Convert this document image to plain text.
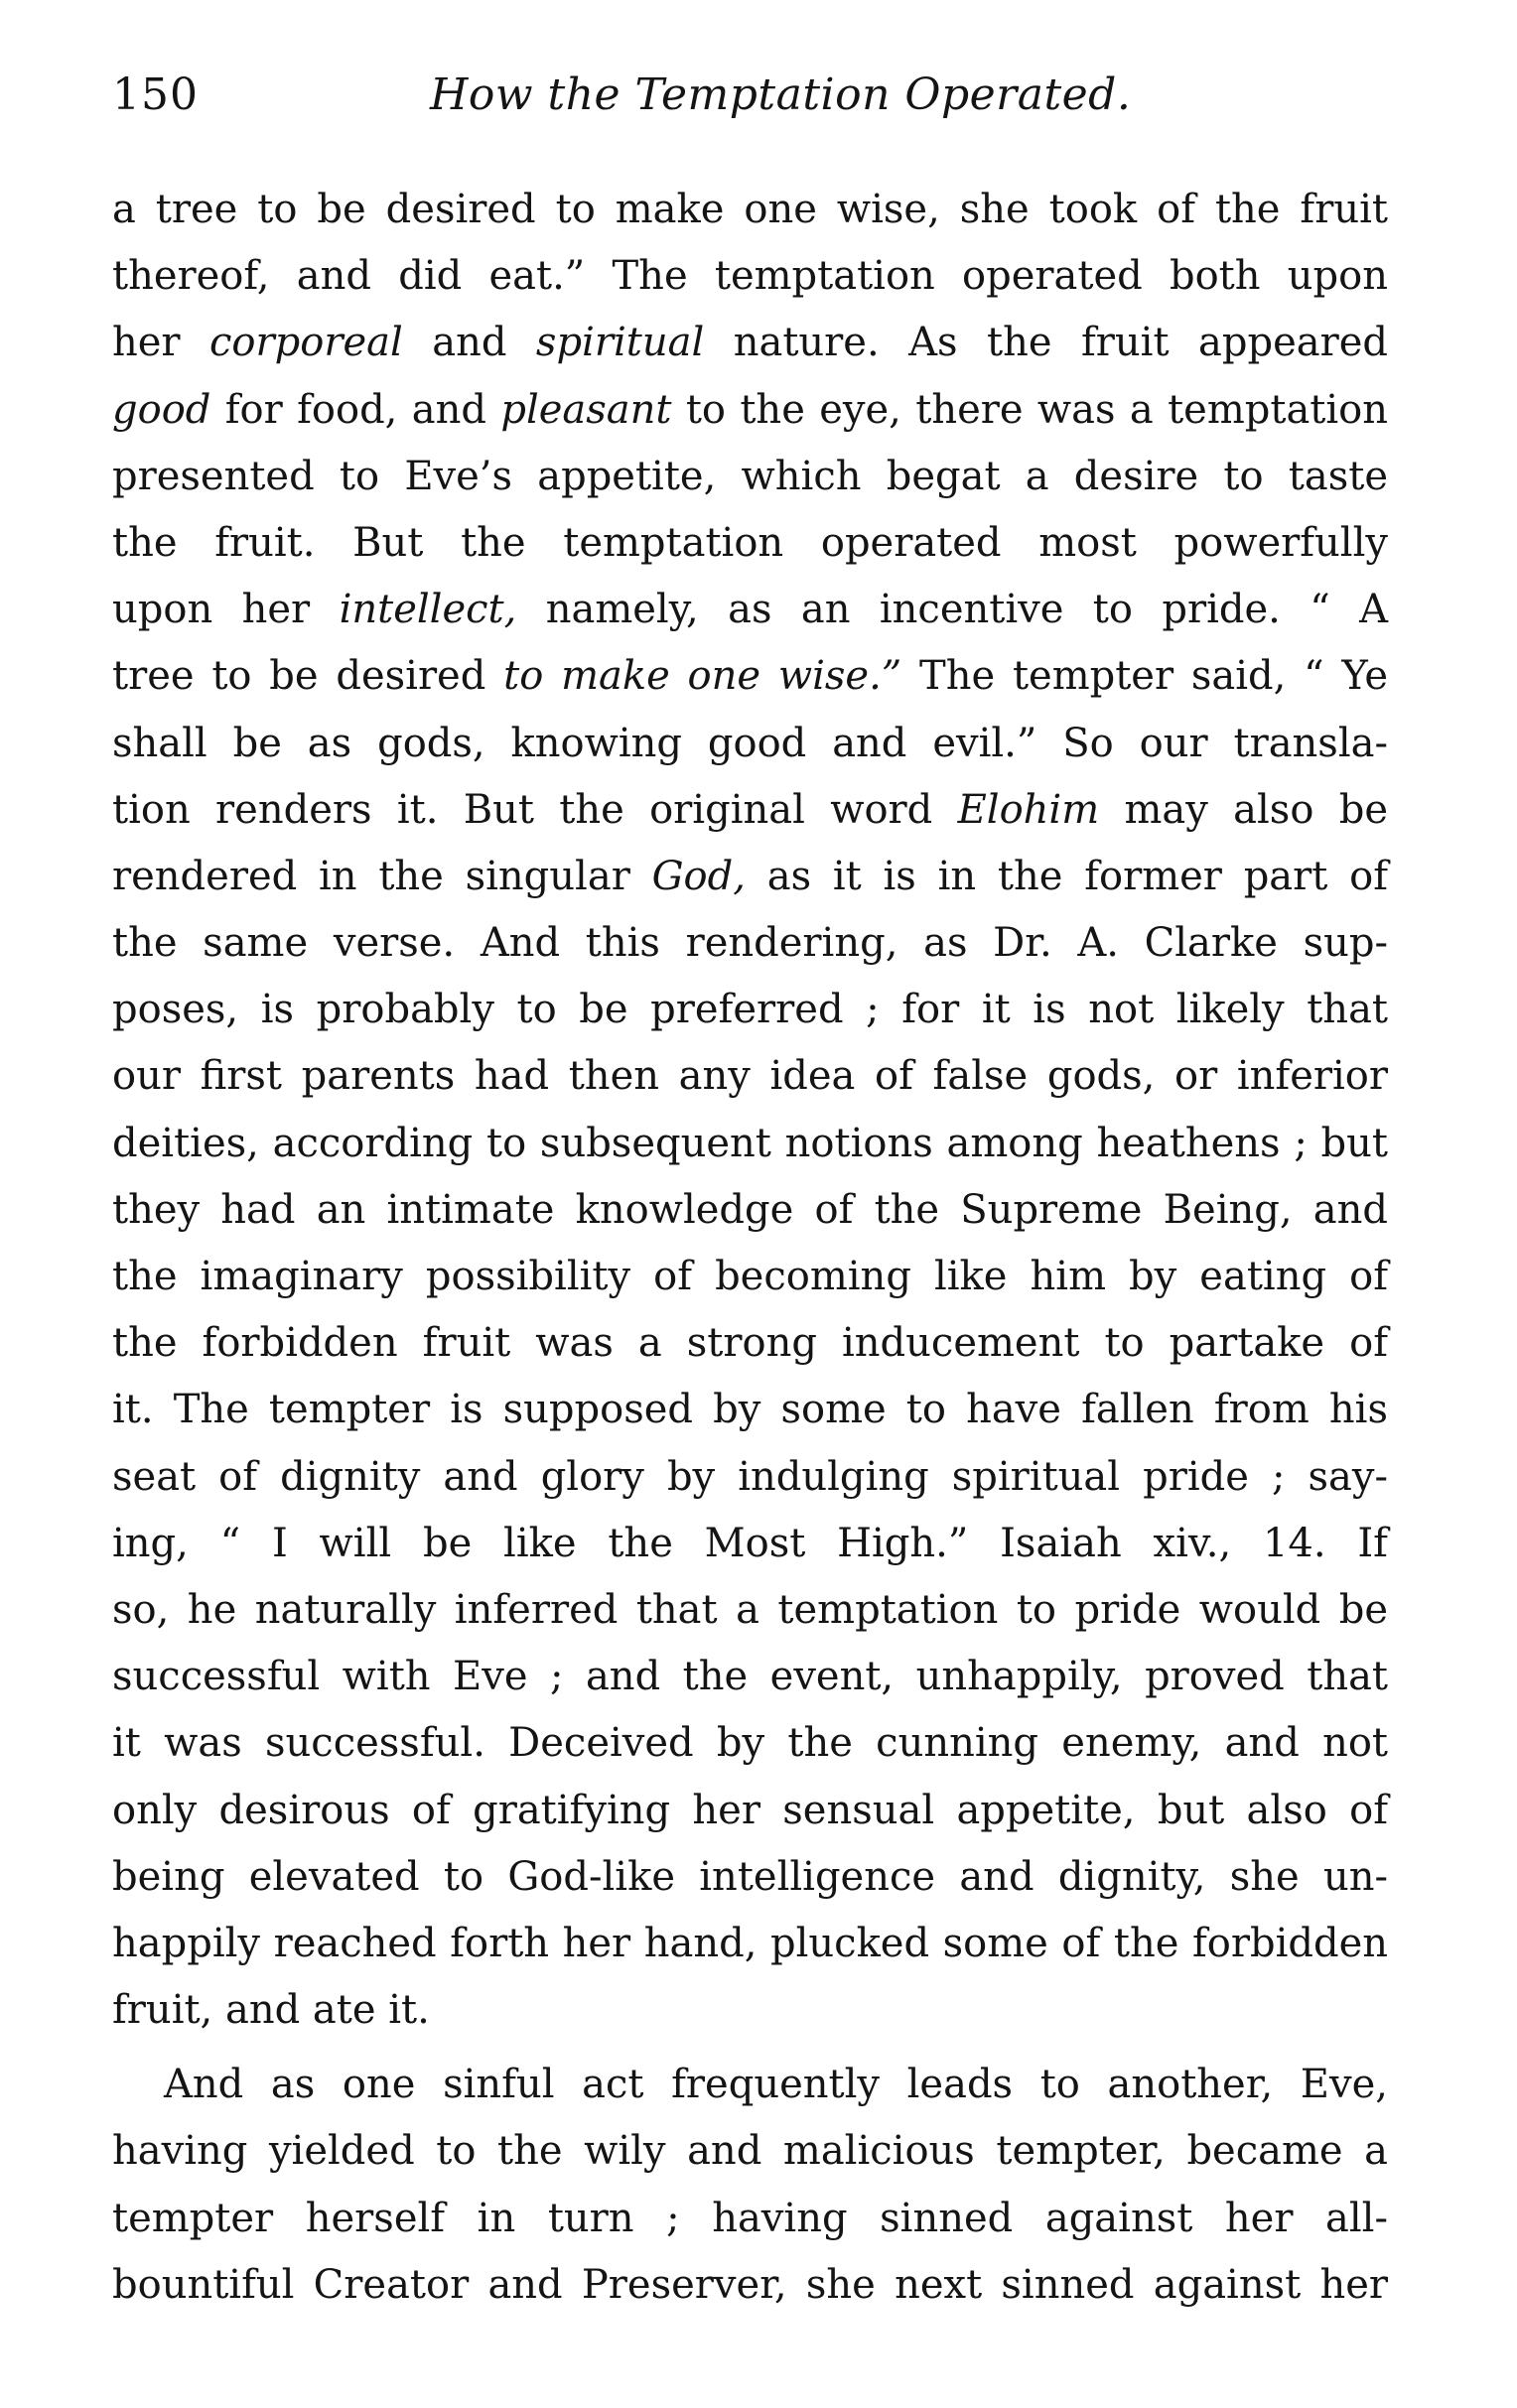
150	How the Temptation Operated.
a tree to be desired to make one wise, she took of the fruit
thereof, and did eat.” The temptation operated both upon
her corporeal and spiritual nature. As the fruit appeared
good for food, and pleasant to the eye, there was a temptation
presented to Eve’s appetite, which begat a desire to taste
the fruit. But the temptation operated most powerfully
upon her intellect, namely, as an incentive to pride. “ A
tree to be desired to make one wise.” The tempter said, “ Ye
shall be as gods, knowing good and evil.” So our transla-
tion renders it. But the original word Elohim may also be
rendered in the singular God, as it is in the former part of
the same verse. And this rendering, as Dr. A. Clarke sup-
poses, is probably to be preferred ; for it is not likely that
our first parents had then any idea of false gods, or inferior
deities, according to subsequent notions among heathens ; but
they had an intimate knowledge of the Supreme Being, and
the imaginary possibility of becoming like him by eating of
the forbidden fruit was a strong inducement to partake of
it. The tempter is supposed by some to have fallen from his
seat of dignity and glory by indulging spiritual pride ; say-
ing, “ I will be like the Most High.” Isaiah xiv., 14. If
so, he naturally inferred that a temptation to pride would be
successful with Eve ; and the event, unhappily, proved that
it was successful. Deceived by the cunning enemy, and not
only desirous of gratifying her sensual appetite, but also of
being elevated to God-like intelligence and dignity, she un-
happily reached forth her hand, plucked some of the forbidden
fruit, and ate it.
And as one sinful act frequently leads to another, Eve,
having yielded to the wily and malicious tempter, became a
tempter herself in turn ; having sinned against her all-
bountiful Creator and Preserver, she next sinned against her
